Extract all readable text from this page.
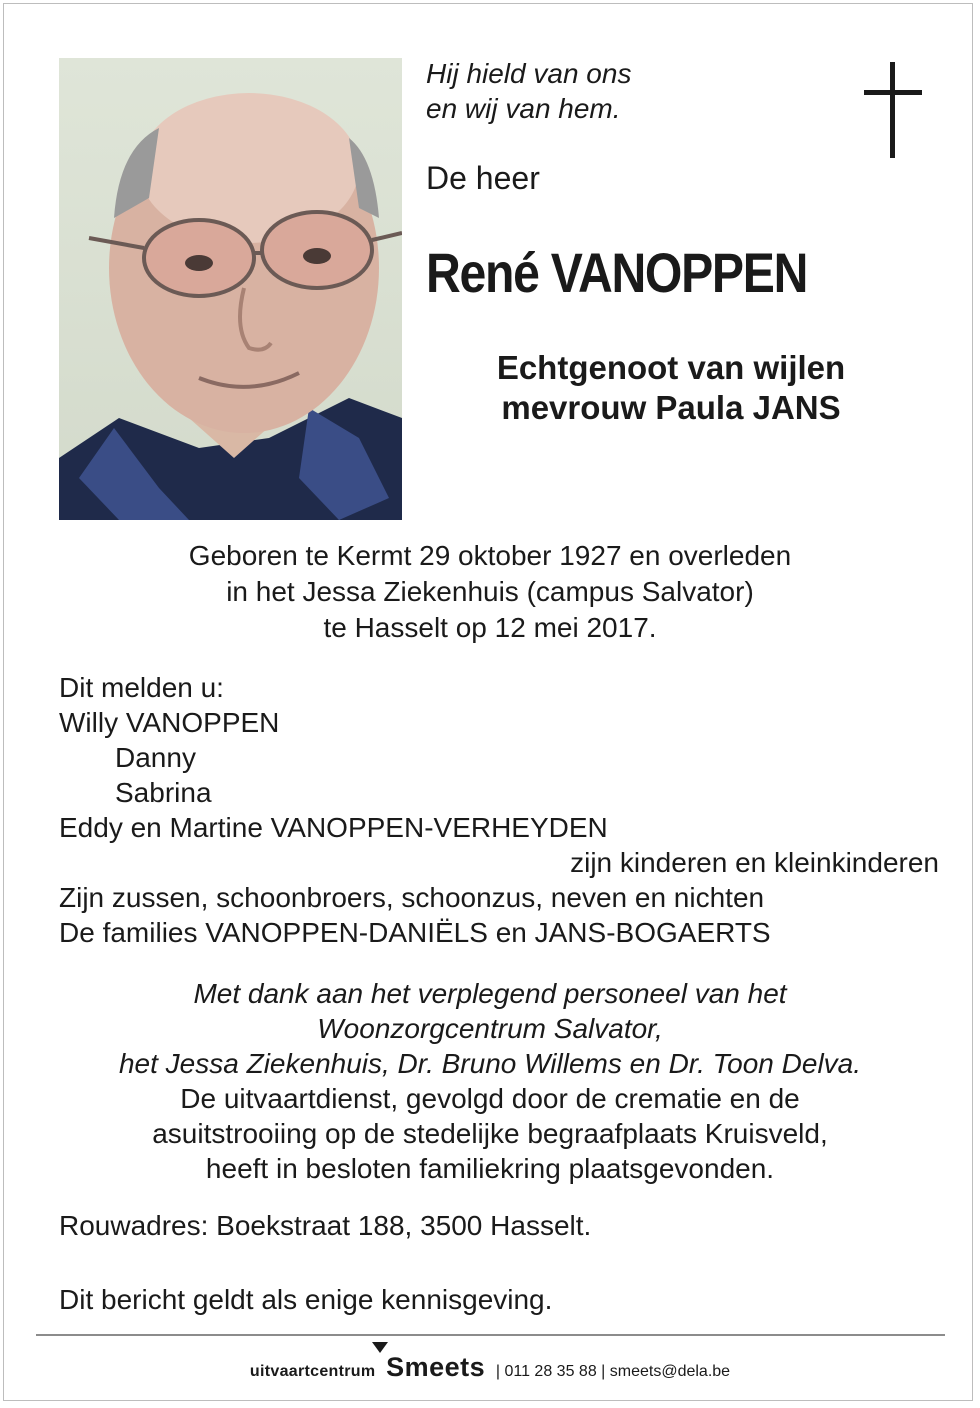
Hij hield van ons
en wij van hem.
De heer
René VANOPPEN
Echtgenoot van wijlen
mevrouw Paula JANS
Geboren te Kermt 29 oktober 1927 en overleden
in het Jessa Ziekenhuis (campus Salvator)
te Hasselt op 12 mei 2017.
Dit melden u:
Willy VANOPPEN
Danny
Sabrina
Eddy en Martine VANOPPEN-VERHEYDEN
zijn kinderen en kleinkinderen
Zijn zussen, schoonbroers, schoonzus, neven en nichten
De families VANOPPEN-DANIËLS en JANS-BOGAERTS
Met dank aan het verplegend personeel van het
Woonzorgcentrum Salvator,
het Jessa Ziekenhuis, Dr. Bruno Willems en Dr. Toon Delva.
De uitvaartdienst, gevolgd door de crematie en de
asuitstrooiing op de stedelijke begraafplaats Kruisveld,
heeft in besloten familiekring plaatsgevonden.
Rouwadres: Boekstraat 188, 3500 Hasselt.
Dit bericht geldt als enige kennisgeving.
uitvaartcentrum Smeets | 011 28 35 88 | smeets@dela.be
